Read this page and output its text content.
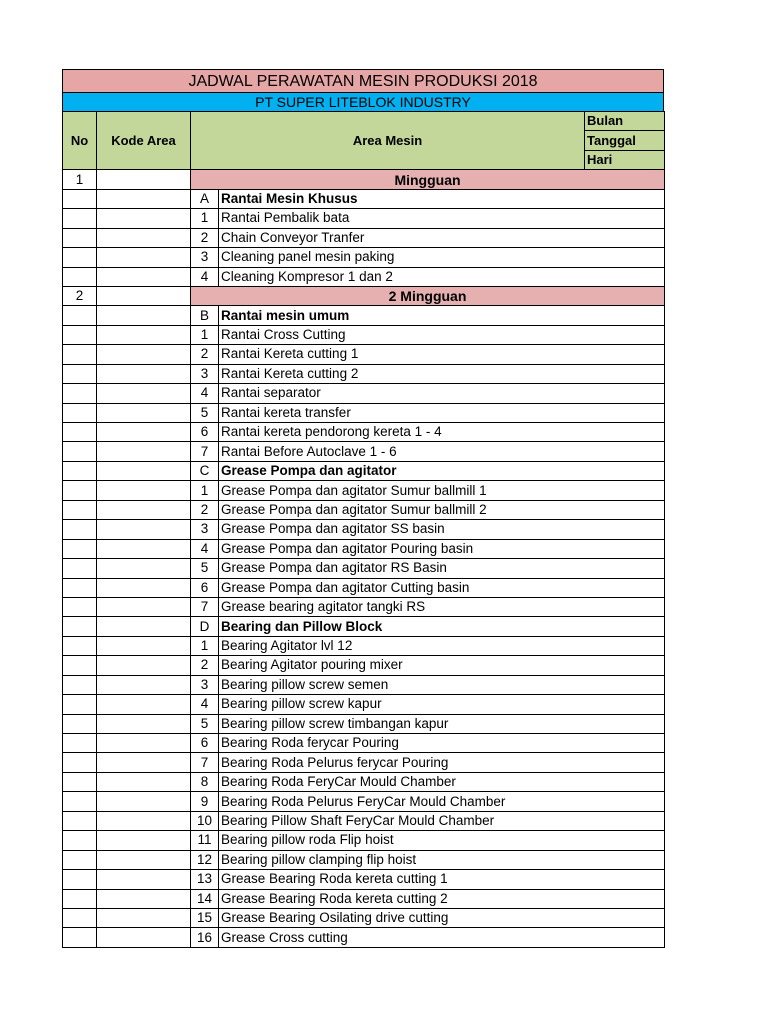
JADWAL PERAWATAN MESIN PRODUKSI 2018
PT SUPER LITEBLOK INDUSTRY
No	Kode Area	Area Mesin		Bulan
				Tanggal
				Hari
1		Mingguan		
		A	Rantai Mesin Khusus	
		1	Rantai Pembalik bata	
		2	Chain Conveyor Tranfer	
		3	Cleaning panel mesin paking	
		4	Cleaning Kompresor 1 dan 2	
2		2 Mingguan		
		B	Rantai mesin umum	
		1	Rantai Cross Cutting	
		2	Rantai Kereta cutting 1	
		3	Rantai Kereta cutting 2	
		4	Rantai separator	
		5	Rantai kereta transfer	
		6	Rantai kereta pendorong kereta 1 - 4	
		7	Rantai Before Autoclave 1 - 6	
		C	Grease Pompa dan agitator	
		1	Grease Pompa dan agitator Sumur ballmill 1	
		2	Grease Pompa dan agitator Sumur ballmill 2	
		3	Grease Pompa dan agitator SS basin	
		4	Grease Pompa dan agitator Pouring basin	
		5	Grease Pompa dan agitator RS Basin	
		6	Grease Pompa dan agitator Cutting basin	
		7	Grease bearing agitator tangki RS	
		D	Bearing dan Pillow Block	
		1	Bearing Agitator lvl 12	
		2	Bearing Agitator pouring mixer	
		3	Bearing pillow screw semen	
		4	Bearing pillow screw kapur	
		5	Bearing pillow screw timbangan kapur	
		6	Bearing Roda ferycar Pouring	
		7	Bearing Roda Pelurus ferycar Pouring	
		8	Bearing Roda FeryCar Mould Chamber	
		9	Bearing Roda Pelurus FeryCar Mould Chamber	
		10	Bearing Pillow Shaft FeryCar Mould Chamber	
		11	Bearing pillow roda Flip hoist	
		12	Bearing pillow clamping flip hoist	
		13	Grease Bearing Roda kereta cutting 1	
		14	Grease Bearing Roda kereta cutting 2	
		15	Grease Bearing Osilating drive cutting	
		16	Grease Cross cutting	
